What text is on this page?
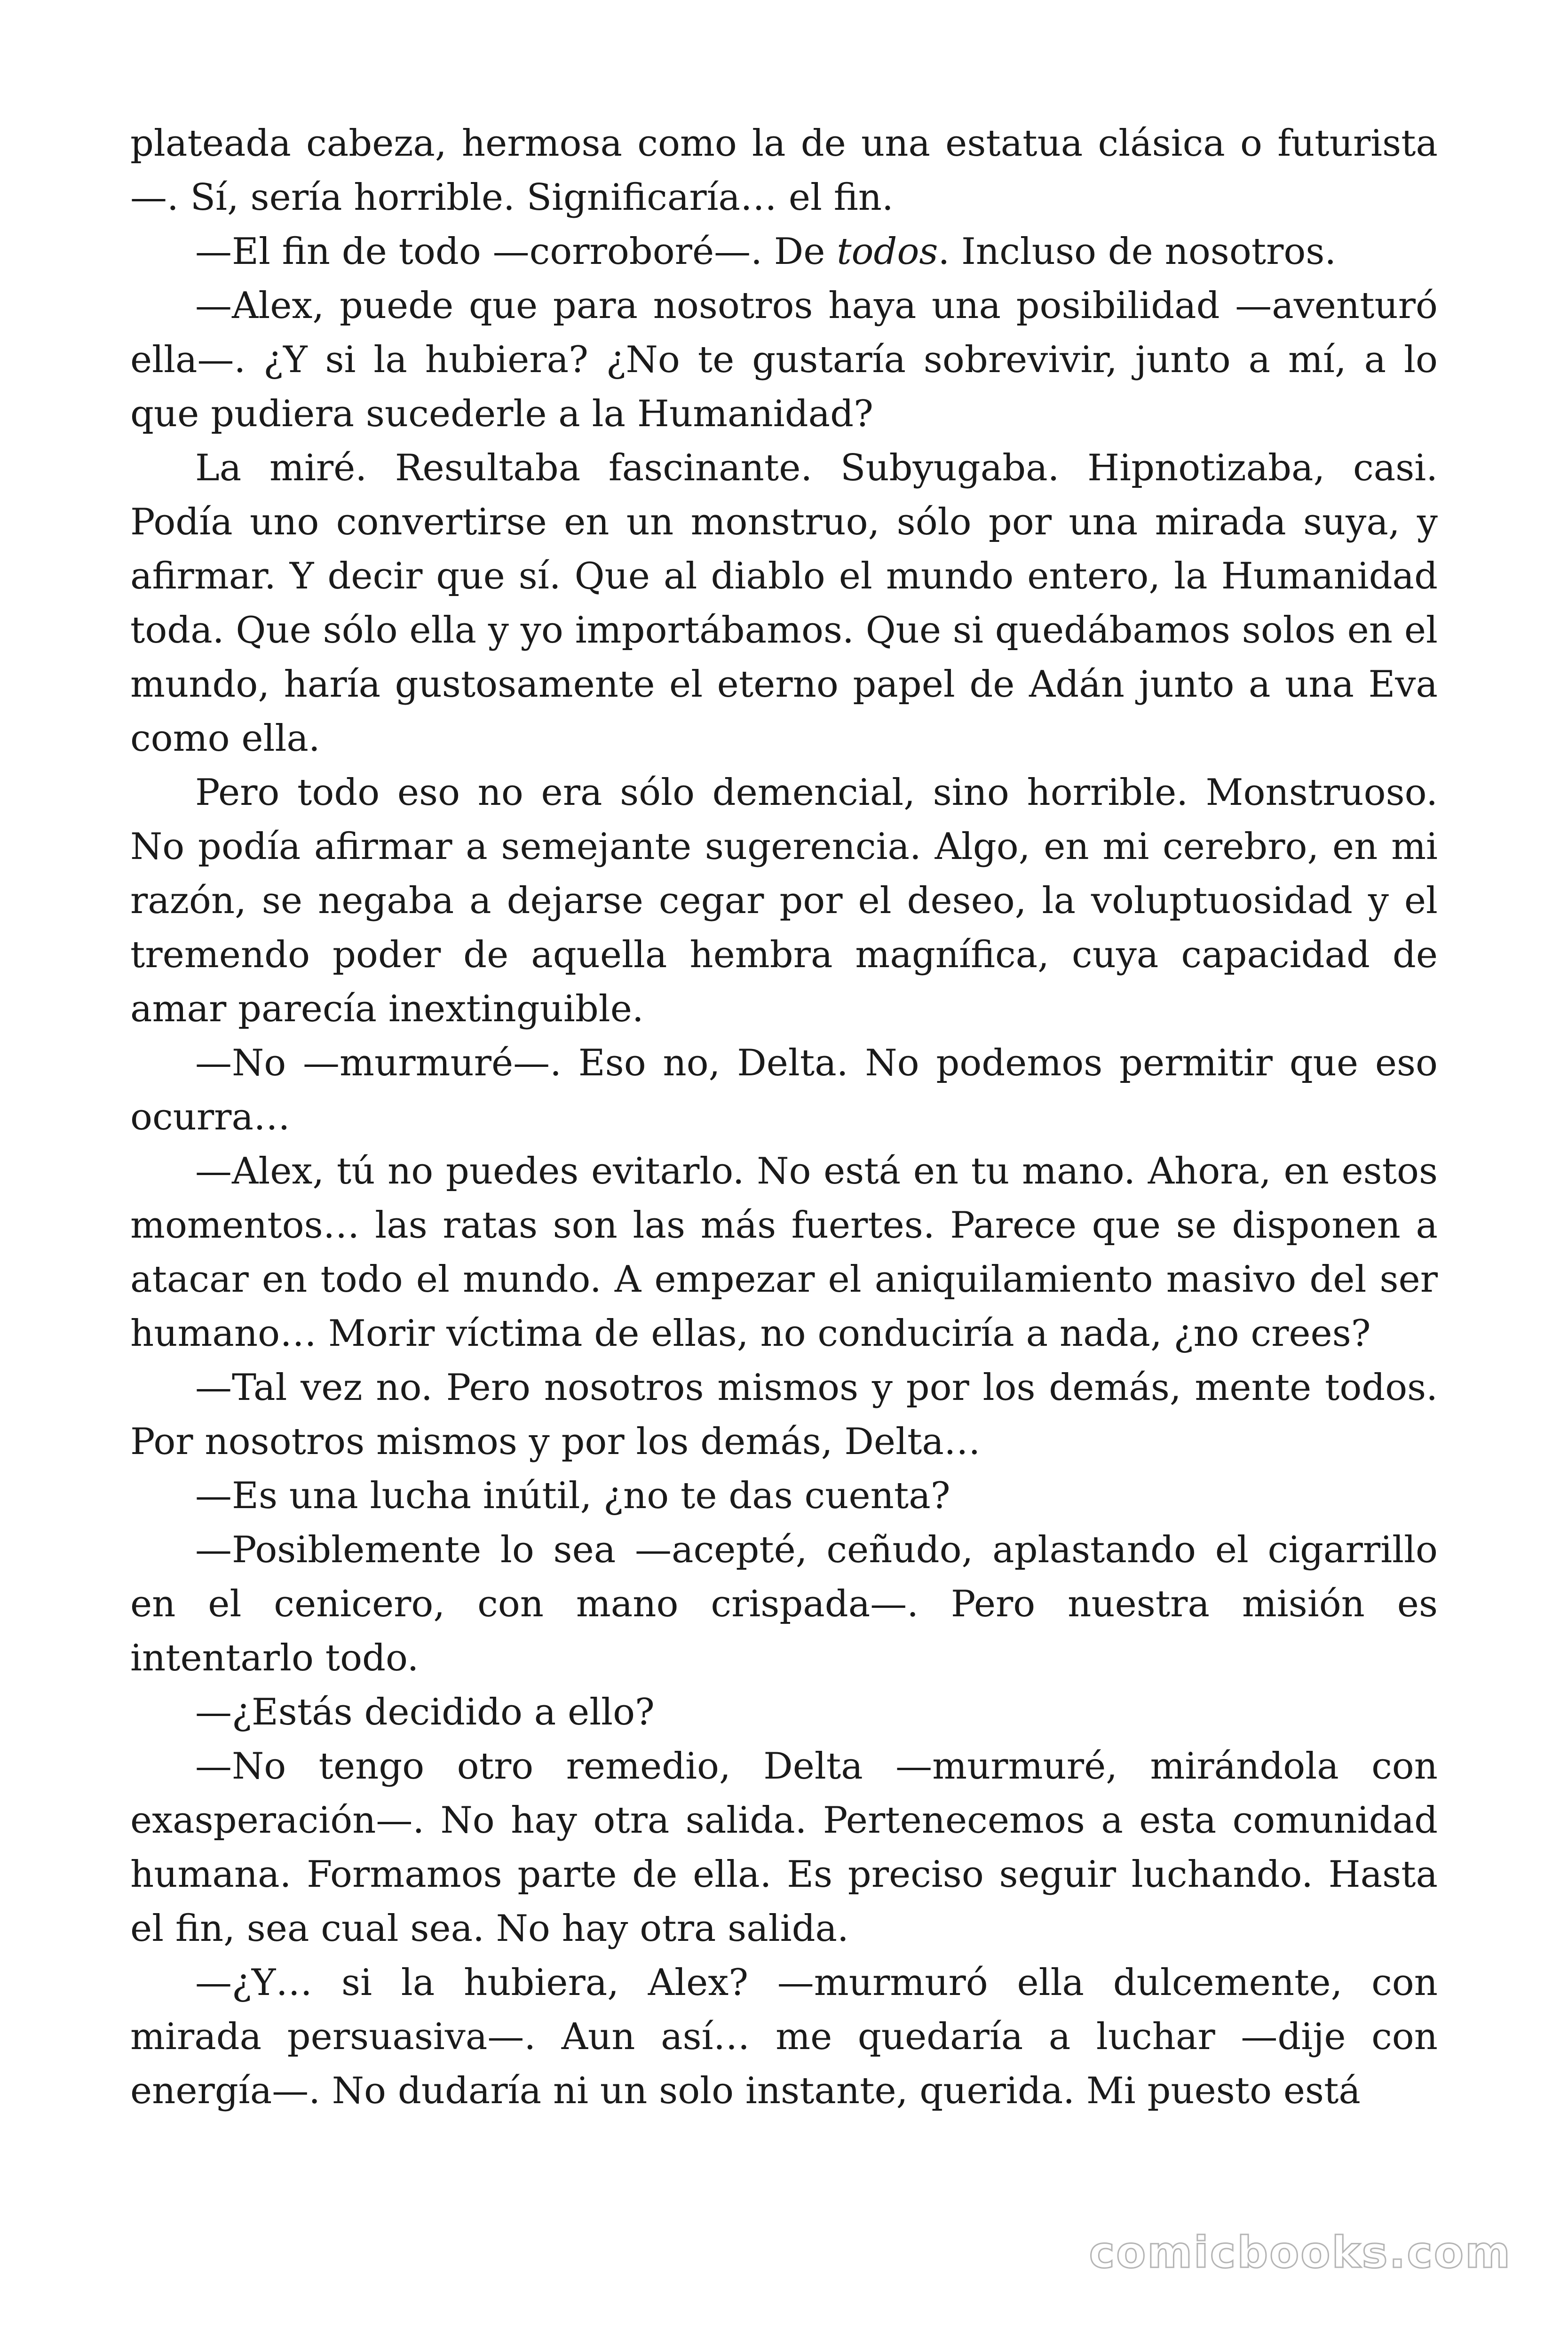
plateada cabeza, hermosa como la de una estatua clásica o futurista —. Sí, sería horrible. Significaría… el fin.

—El fin de todo —corroboré—. De todos. Incluso de nosotros.

—Alex, puede que para nosotros haya una posibilidad —aventuró ella—. ¿Y si la hubiera? ¿No te gustaría sobrevivir, junto a mí, a lo que pudiera sucederle a la Humanidad?

La miré. Resultaba fascinante. Subyugaba. Hipnotizaba, casi. Podía uno convertirse en un monstruo, sólo por una mirada suya, y afirmar. Y decir que sí. Que al diablo el mundo entero, la Humanidad toda. Que sólo ella y yo importábamos. Que si quedábamos solos en el mundo, haría gustosamente el eterno papel de Adán junto a una Eva como ella.

Pero todo eso no era sólo demencial, sino horrible. Monstruoso. No podía afirmar a semejante sugerencia. Algo, en mi cerebro, en mi razón, se negaba a dejarse cegar por el deseo, la voluptuosidad y el tremendo poder de aquella hembra magnífica, cuya capacidad de amar parecía inextinguible.

—No —murmuré—. Eso no, Delta. No podemos permitir que eso ocurra…

—Alex, tú no puedes evitarlo. No está en tu mano. Ahora, en estos momentos… las ratas son las más fuertes. Parece que se disponen a atacar en todo el mundo. A empezar el aniquilamiento masivo del ser humano… Morir víctima de ellas, no conduciría a nada, ¿no crees?

—Tal vez no. Pero nosotros mismos y por los demás, mente todos. Por nosotros mismos y por los demás, Delta…

—Es una lucha inútil, ¿no te das cuenta?

—Posiblemente lo sea —acepté, ceñudo, aplastando el cigarrillo en el cenicero, con mano crispada—. Pero nuestra misión es intentarlo todo.

—¿Estás decidido a ello?

—No tengo otro remedio, Delta —murmuré, mirándola con exasperación—. No hay otra salida. Pertenecemos a esta comunidad humana. Formamos parte de ella. Es preciso seguir luchando. Hasta el fin, sea cual sea. No hay otra salida.

—¿Y… si la hubiera, Alex? —murmuró ella dulcemente, con mirada persuasiva—. Aun así… me quedaría a luchar —dije con energía—. No dudaría ni un solo instante, querida. Mi puesto está

comicbooks.com
